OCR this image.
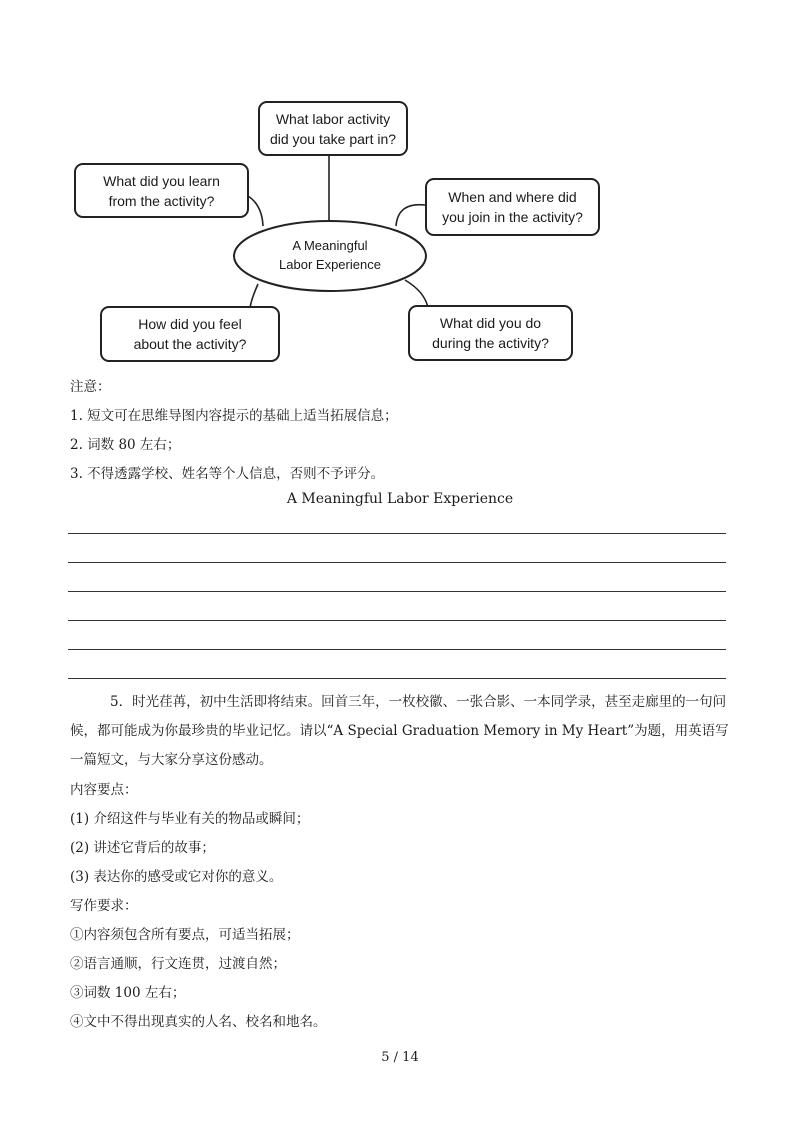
A Meaningful
Labor Experience
What labor activity
did you take part in?
What did you learn
from the activity?	When and where did
you join in the activity?
How did you feel
about the activity?
What did you do
during the activity?
注意：
1. 短文可在思维导图内容提示的基础上适当拓展信息；
2. 词数 80 左右；
3. 不得透露学校、姓名等个人信息，否则不予评分。
A Meaningful Labor Experience
5．时光荏苒，初中生活即将结束。回首三年，一枚校徽、一张合影、一本同学录，甚至走廊里的一句问候，都可能成为你最珍贵的毕业记忆。请以“A Special Graduation Memory in My Heart”为题，用英语写一篇短文，与大家分享这份感动。
内容要点：
(1) 介绍这件与毕业有关的物品或瞬间；
(2) 讲述它背后的故事；
(3) 表达你的感受或它对你的意义。
写作要求：
①内容须包含所有要点，可适当拓展；
②语言通顺，行文连贯，过渡自然；
③词数 100 左右；
④文中不得出现真实的人名、校名和地名。
5 / 14
